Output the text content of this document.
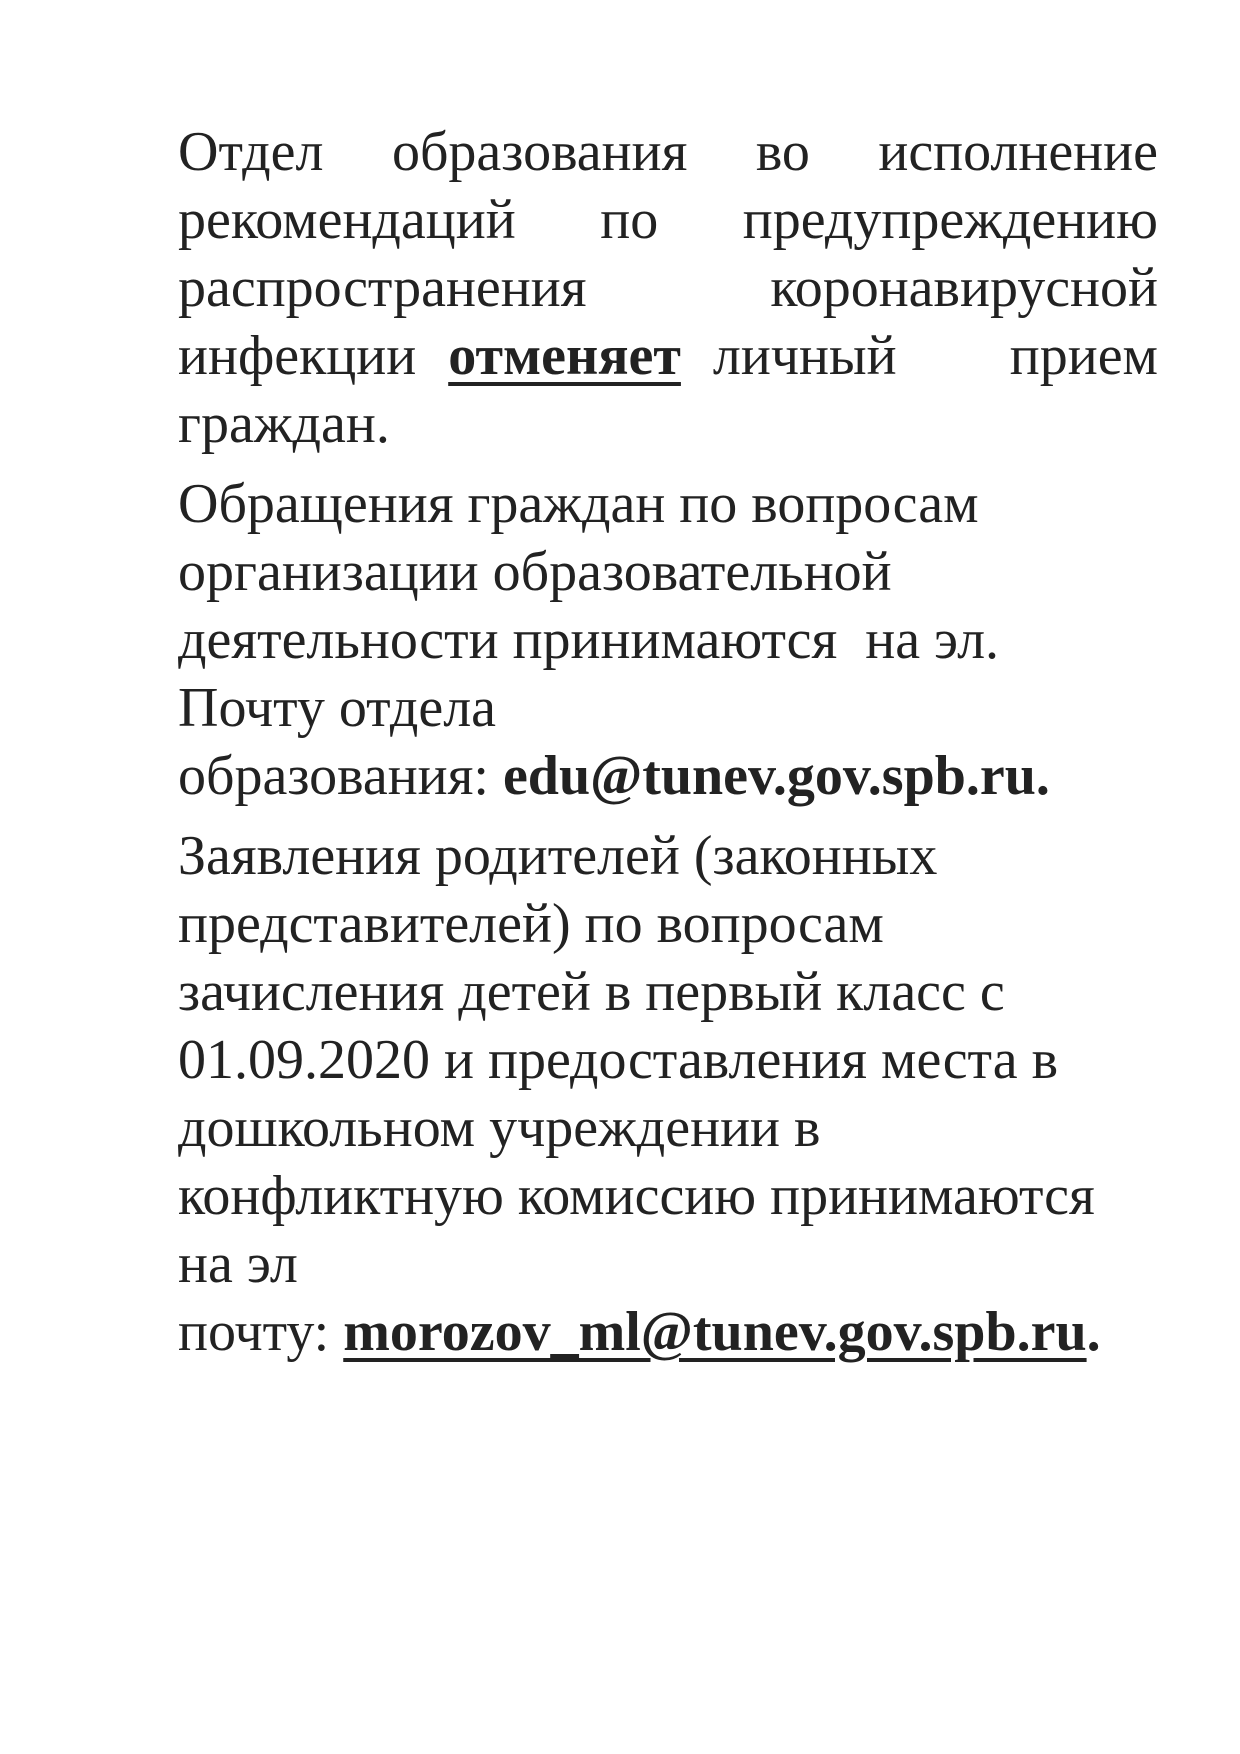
Отдел образования во исполнение
рекомендаций по предупреждению
распространения	коронавирусной
инфекции отменяет личный прием
граждан.
Обращения граждан по вопросам
организации образовательной
деятельности принимаются  на эл.
Почту отдела
образования: edu@tunev.gov.spb.ru.
Заявления родителей (законных
представителей) по вопросам
зачисления детей в первый класс с
01.09.2020 и предоставления места в
дошкольном учреждении в
конфликтную комиссию принимаются
на эл
почту: morozov_ml@tunev.gov.spb.ru.
